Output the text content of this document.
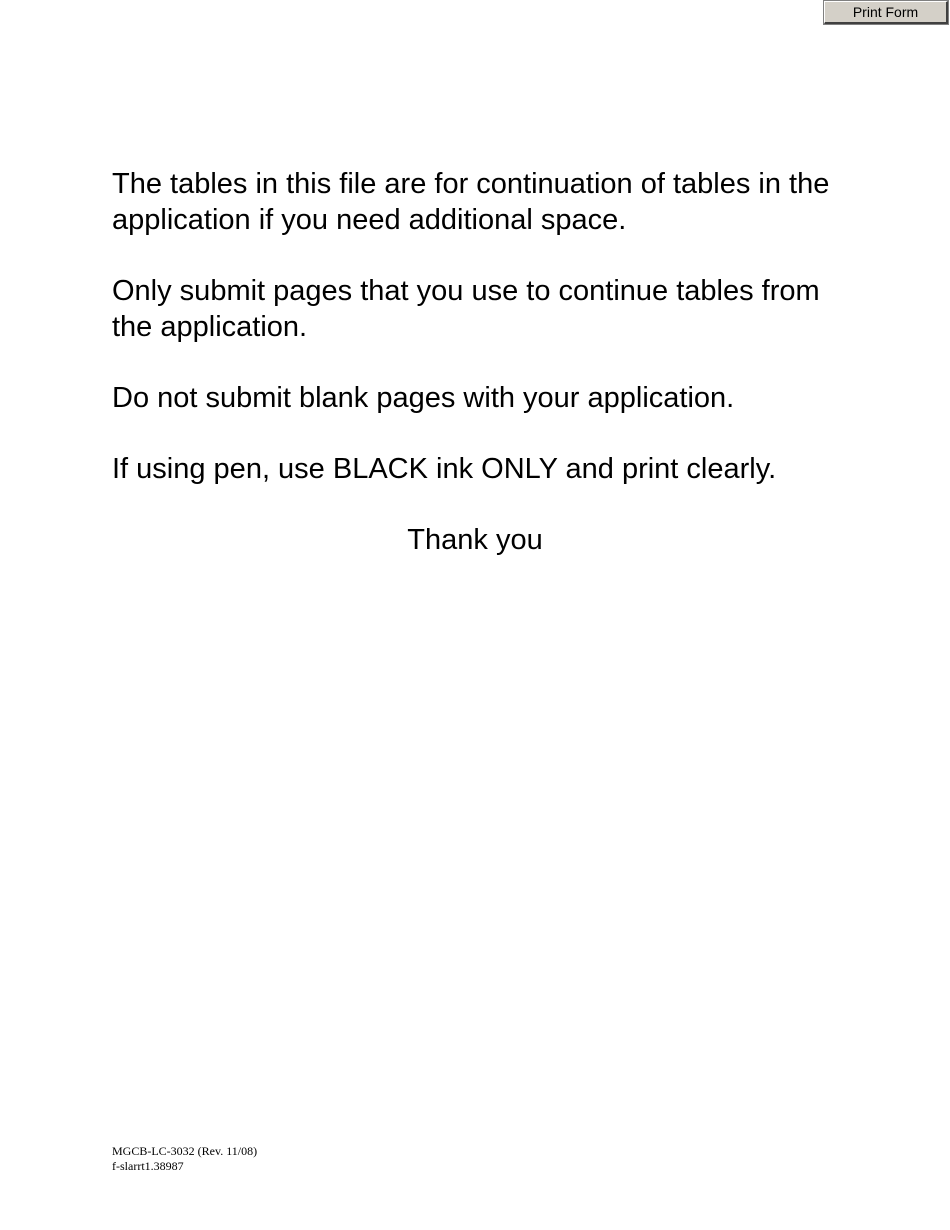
Print Form

The tables in this file are for continuation of tables in the application if you need additional space.

Only submit pages that you use to continue tables from the application.

Do not submit blank pages with your application.

If using pen, use BLACK ink ONLY and print clearly.

Thank you

MGCB-LC-3032 (Rev. 11/08)
f-slarrt1.38987
